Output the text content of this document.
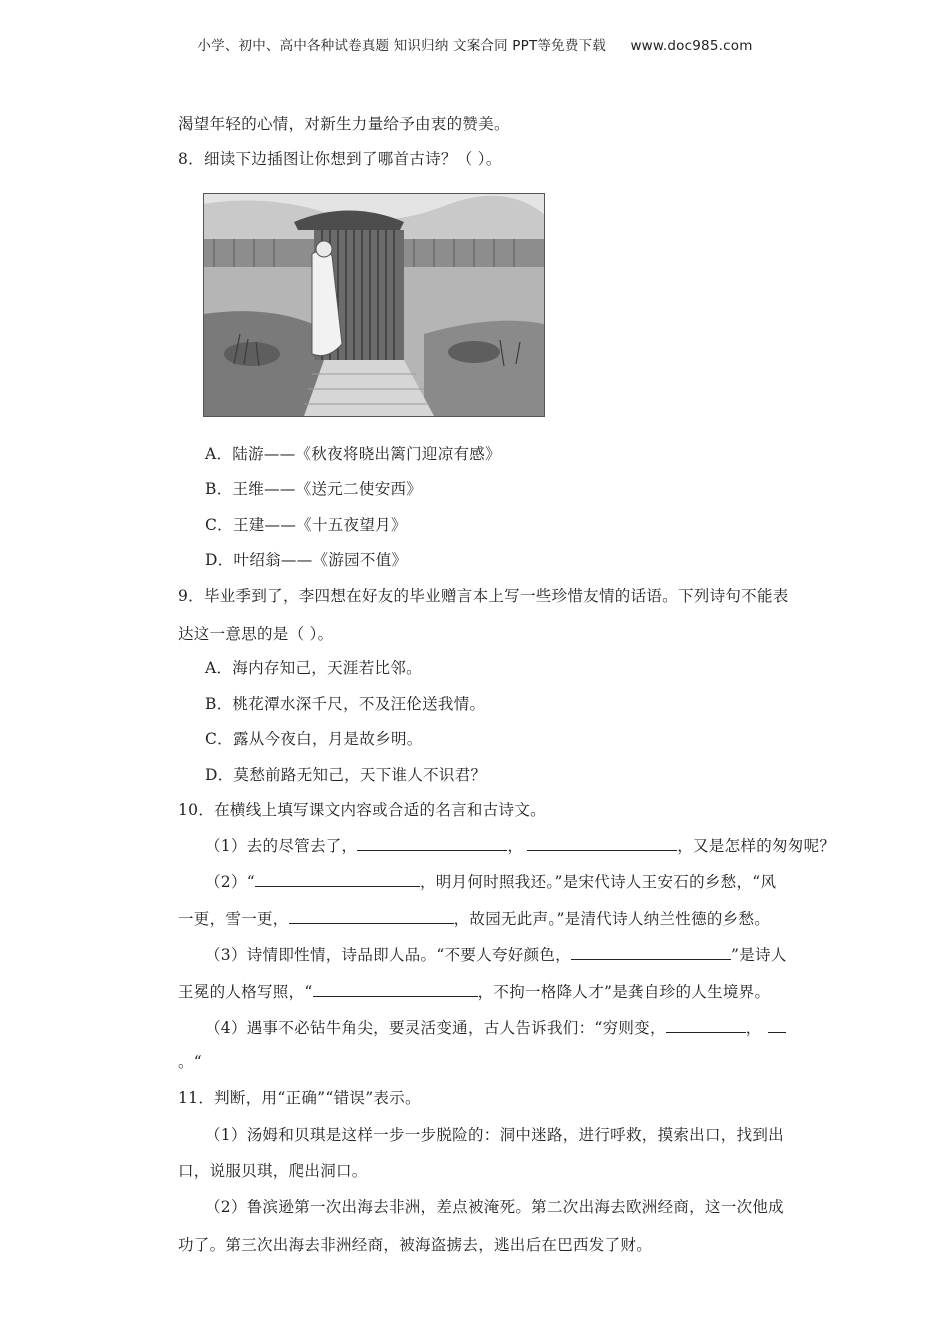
小学、初中、高中各种试卷真题 知识归纳 文案合同 PPT等免费下载 www.doc985.com
渴望年轻的心情，对新生力量给予由衷的赞美。
8．细读下边插图让你想到了哪首古诗？（ ）。
A．陆游——《秋夜将晓出篱门迎凉有感》
B．王维——《送元二使安西》
C．王建——《十五夜望月》
D．叶绍翁——《游园不值》
9．毕业季到了，李四想在好友的毕业赠言本上写一些珍惜友情的话语。下列诗句不能表
达这一意思的是（ ）。
A．海内存知己，天涯若比邻。
B．桃花潭水深千尺，不及汪伦送我情。
C．露从今夜白，月是故乡明。
D．莫愁前路无知己，天下谁人不识君？
10．在横线上填写课文内容或合适的名言和古诗文。
（1）去的尽管去了，	，	，又是怎样的匆匆呢？
（2）“	，明月何时照我还。”是宋代诗人王安石的乡愁，“风
一更，雪一更，	，故园无此声。”是清代诗人纳兰性德的乡愁。
（3）诗情即性情，诗品即人品。“不要人夸好颜色，	”是诗人
王冕的人格写照，“	，不拘一格降人才”是龚自珍的人生境界。
（4）遇事不必钻牛角尖，要灵活变通，古人告诉我们：“穷则变，	，
。“
11．判断，用“正确”“错误”表示。
（1）汤姆和贝琪是这样一步一步脱险的：洞中迷路，进行呼救，摸索出口，找到出
口，说服贝琪，爬出洞口。
（2）鲁滨逊第一次出海去非洲，差点被淹死。第二次出海去欧洲经商，这一次他成
功了。第三次出海去非洲经商，被海盗掳去，逃出后在巴西发了财。
